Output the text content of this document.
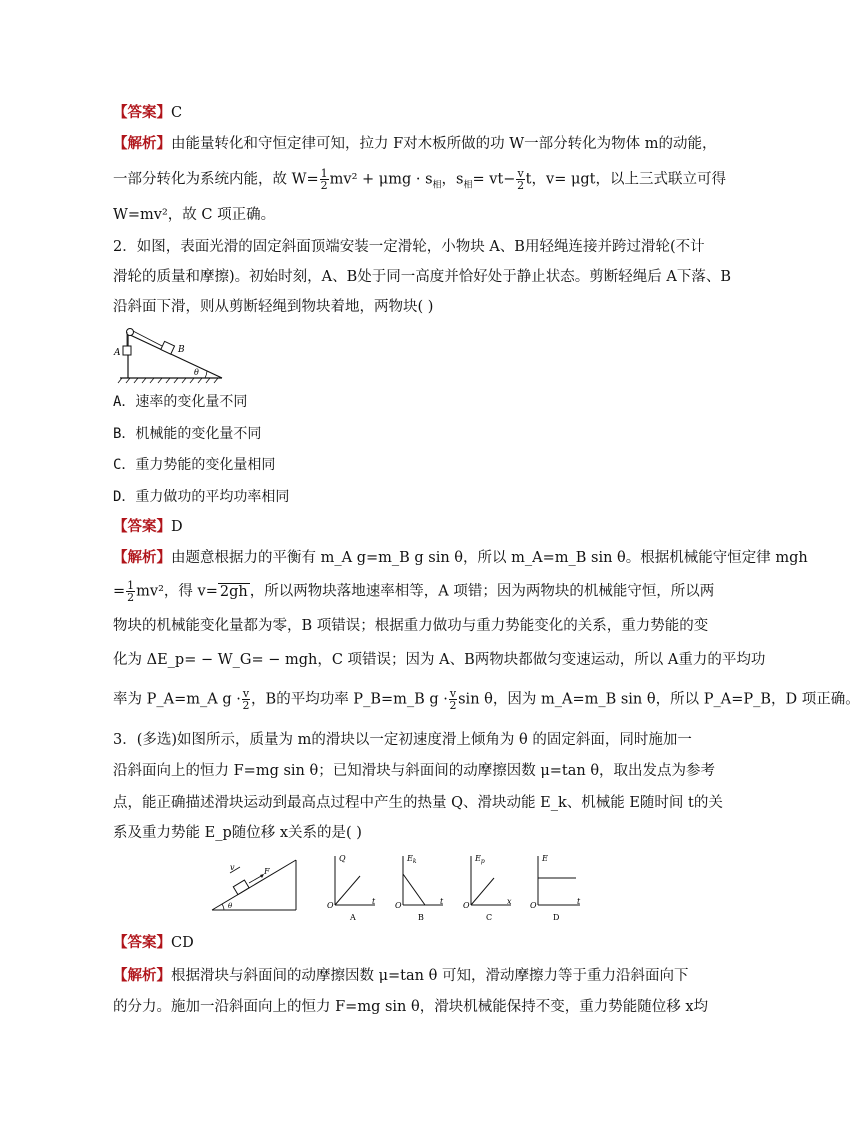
【答案】C
【解析】由能量转化和守恒定律可知，拉力 F对木板所做的功 W一部分转化为物体 m的动能，
一部分转化为系统内能，故 $W= \frac{1}{2} mv^2 + \mu mg \cdot s_相$，$s_相= vt- \frac{v}{2}$ t，v= μgt，以上三式联立可得
W=mv²，故 C 项正确。
2．如图，表面光滑的固定斜面顶端安装一定滑轮，小物块 A、B用轻绳连接并跨过滑轮(不计
滑轮的质量和摩擦)。初始时刻，A、B处于同一高度并恰好处于静止状态。剪断轻绳后 A下落、B
沿斜面下滑，则从剪断轻绳到物块着地，两物块( )
A	B
θ
A．速率的变化量不同
B．机械能的变化量不同
C．重力势能的变化量相同
D．重力做功的平均功率相同
【答案】D
【解析】由题意根据力的平衡有 m_A g=m_B g sin θ，所以 m_A=m_B sin θ。根据机械能守恒定律 mgh
= $\frac{1}{2} mv^2$，得 v= 2gh ，所以两物块落地速率相等，A 项错；因为两物块的机械能守恒，所以两
物块的机械能变化量都为零，B 项错误；根据重力做功与重力势能变化的关系，重力势能的变
化为 ΔE_p= − W_G= − mgh，C 项错误；因为 A、B两物块都做匀变速运动，所以 A重力的平均功
率为 P_A=m_A $g \cdot \frac{v}{2}$ ，B的平均功率 P_B=m_B $g \cdot \frac{v}{2}$ sin θ，因为 m_A=m_B sin θ，所以 P_A=P_B，D 项正确。
3．(多选)如图所示，质量为 m的滑块以一定初速度滑上倾角为 θ 的固定斜面，同时施加一
沿斜面向上的恒力 F=mg sin θ；已知滑块与斜面间的动摩擦因数 μ=tan θ，取出发点为参考
点，能正确描述滑块运动到最高点过程中产生的热量 Q、滑块动能 E_k、机械能 E随时间 t的关
系及重力势能 E_p随位移 x关系的是( )
v	F
θ
Q
t
O
A
$E_k$
t
O
B
$E_p$
x
O
C
E
t
O
D
【答案】CD
【解析】根据滑块与斜面间的动摩擦因数 μ=tan θ 可知，滑动摩擦力等于重力沿斜面向下
的分力。施加一沿斜面向上的恒力 F=mg sin θ，滑块机械能保持不变，重力势能随位移 x均
